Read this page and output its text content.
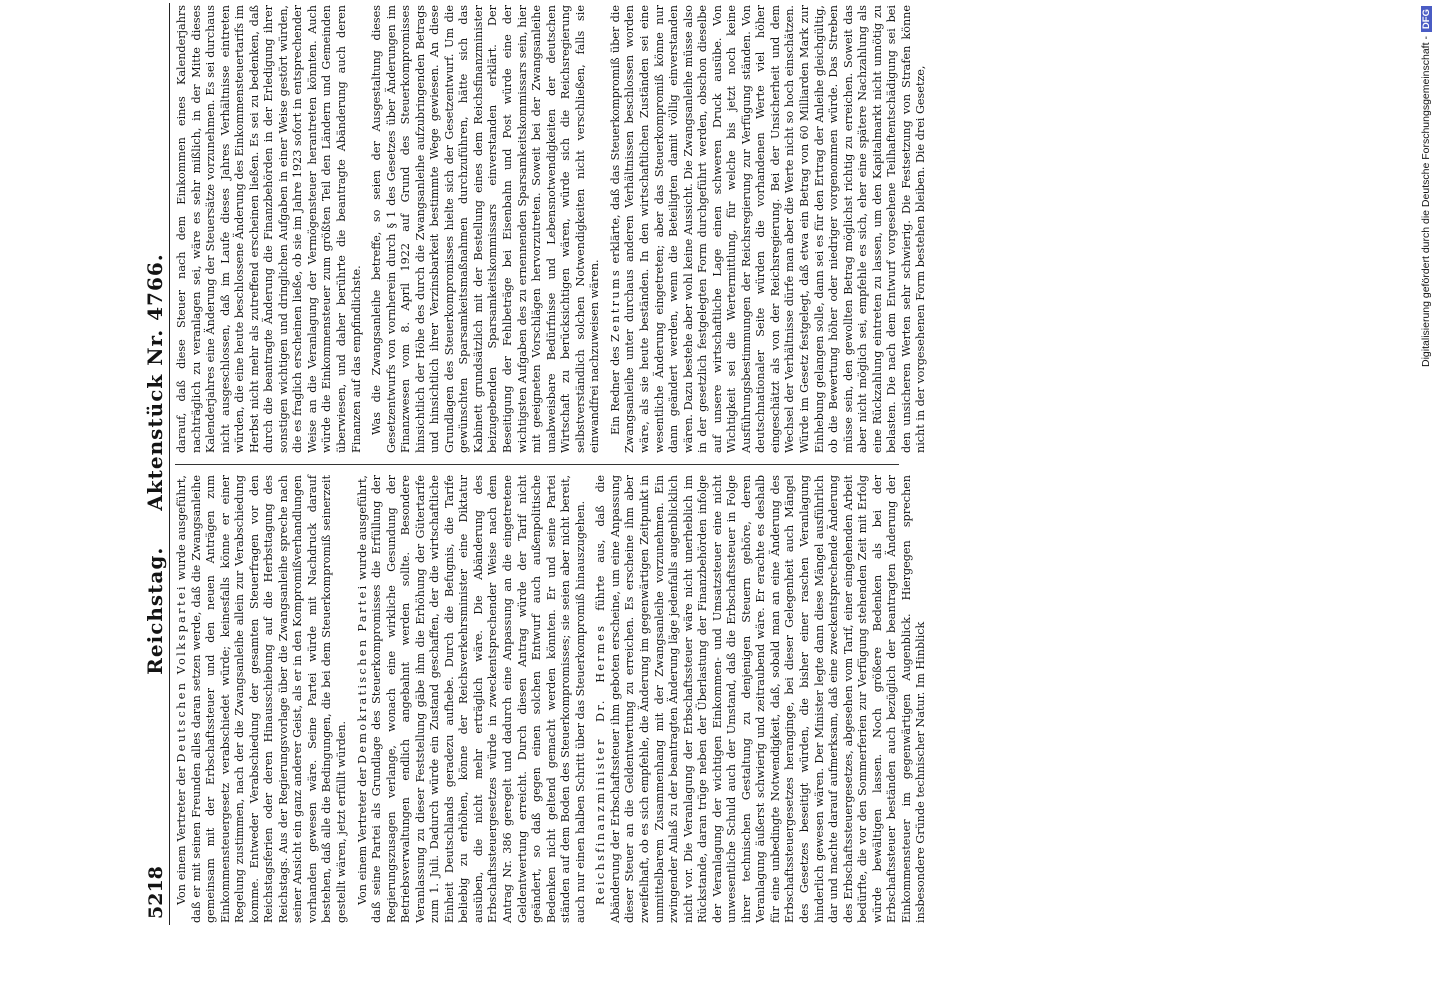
5218
Reichstag. Aktenstück Nr. 4766.

Von einem Vertreter der Deutschen Volkspartei wurde ausgeführt, daß er mit seinen Freunden alles daran setzen werde, daß die Zwangsanleihe gemeinsam mit der Erbschaftssteuer und den neuen Anträgen zum Einkommensteuergesetz verabschiedet würde; keinesfalls könne er einer Regelung zustimmen, nach der die Zwangsanleihe allein zur Verabschiedung komme. Entweder Verabschiedung der gesamten Steuerfragen vor den Reichstagsferien oder deren Hinausschiebung auf die Herbsttagung des Reichstags. Aus der Regierungsvorlage über die Zwangsanleihe spreche nach seiner Ansicht ein ganz anderer Geist, als er in den Kompromißverhandlungen vorhanden gewesen wäre. Seine Partei würde mit Nachdruck darauf bestehen, daß alle die Bedingungen, die bei dem Steuerkompromiß seinerzeit gestellt wären, jetzt erfüllt würden. Von einem Vertreter der Demokratischen Partei wurde ausgeführt, daß seine Partei als Grundlage des Steuerkompromisses die Erfüllung der Regierungszusagen verlange, wonach eine wirkliche Gesundung der Betriebsverwaltungen endlich angebahnt werden sollte. Besondere Veranlassung zu dieser Feststellung gäbe ihm die Erhöhung der Gütertarife zum 1. Juli. Dadurch würde ein Zustand geschaffen, der die wirtschaftliche Einheit Deutschlands geradezu aufhebe. Durch die Befugnis, die Tarife beliebig zu erhöhen, könne der Reichsverkehrsminister eine Diktatur ausüben, die nicht mehr erträglich wäre. Die Abänderung des Erbschaftssteuergesetzes würde in zweckentsprechender Weise nach dem Antrag Nr. 386 geregelt und dadurch eine Anpassung an die eingetretene Geldentwertung erreicht. Durch diesen Antrag würde der Tarif nicht geändert, so daß gegen einen solchen Entwurf auch außenpolitische Bedenken nicht geltend gemacht werden könnten. Er und seine Partei ständen auf dem Boden des Steuerkompromisses; sie seien aber nicht bereit, auch nur einen halben Schritt über das Steuerkompromiß hinauszugehen. Reichsfinanzminister Dr. Hermes führte aus, daß die Abänderung der Erbschaftssteuer ihm geboten erscheine, um eine Anpassung dieser Steuer an die Geldentwertung zu erreichen. Es erscheine ihm aber zweifelhaft, ob es sich empfehle, die Änderung im gegenwärtigen Zeitpunkt in unmittelbarem Zusammenhang mit der Zwangsanleihe vorzunehmen. Ein zwingender Anlaß zu der beantragten Änderung läge jedenfalls augenblicklich nicht vor. Die Veranlagung der Erbschaftssteuer wäre nicht unerheblich im Rückstande, daran trüge neben der Überlastung der Finanzbehörden infolge der Veranlagung der wichtigen Einkommen- und Umsatzsteuer eine nicht unwesentliche Schuld auch der Umstand, daß die Erbschaftssteuer in Folge ihrer technischen Gestaltung zu denjenigen Steuern gehöre, deren Veranlagung äußerst schwierig und zeitraubend wäre. Er erachte es deshalb für eine unbedingte Notwendigkeit, daß, sobald man an eine Änderung des Erbschaftssteuergesetzes heranginge, bei dieser Gelegenheit auch Mängel des Gesetzes beseitigt würden, die bisher einer raschen Veranlagung hinderlich gewesen wären. Der Minister legte dann diese Mängel ausführlich dar und machte darauf aufmerksam, daß eine zweckentsprechende Änderung des Erbschaftssteuergesetzes, abgesehen vom Tarif, einer eingehenden Arbeit bedürfte, die vor den Sommerferien zur Verfügung stehenden Zeit mit Erfolg würde bewältigen lassen. Noch größere Bedenken als bei der Erbschaftssteuer beständen auch bezüglich der beantragten Änderung der Einkommensteuer im gegenwärtigen Augenblick. Hiergegen sprechen insbesondere Gründe technischer Natur. Im Hinblick

darauf, daß diese Steuer nach dem Einkommen eines Kalenderjahrs nachträglich zu veranlagen sei, wäre es sehr mißlich, in der Mitte dieses Kalenderjahres eine Änderung der Steuersätze vorzunehmen. Es sei durchaus nicht ausgeschlossen, daß im Laufe dieses Jahres Verhältnisse eintreten würden, die eine heute beschlossene Änderung des Einkommensteuertarifs im Herbst nicht mehr als zutreffend erscheinen ließen. Es sei zu bedenken, daß durch die beantragte Änderung die Finanzbehörden in der Erledigung ihrer sonstigen wichtigen und dringlichen Aufgaben in einer Weise gestört würden, die es fraglich erscheinen ließe, ob sie im Jahre 1923 sofort in entsprechender Weise an die Veranlagung der Vermögensteuer herantreten könnten. Auch würde die Einkommensteuer zum größten Teil den Ländern und Gemeinden überwiesen, und daher berührte die beantragte Abänderung auch deren Finanzen auf das empfindlichste. Was die Zwangsanleihe betreffe, so seien der Ausgestaltung dieses Gesetzentwurfs von vornherein durch § 1 des Gesetzes über Änderungen im Finanzwesen vom 8. April 1922 auf Grund des Steuerkompromisses hinsichtlich der Höhe des durch die Zwangsanleihe aufzubringenden Betrags und hinsichtlich ihrer Verzinsbarkeit bestimmte Wege gewiesen. An diese Grundlagen des Steuerkompromisses hielte sich der Gesetzentwurf. Um die gewünschten Sparsamkeitsmaßnahmen durchzuführen, hätte sich das Kabinett grundsätzlich mit der Bestellung eines dem Reichsfinanzminister beizugebenden Sparsamkeitskommissars einverstanden erklärt. Der Beseitigung der Fehlbeträge bei Eisenbahn und Post würde eine der wichtigsten Aufgaben des zu ernennenden Sparsamkeitskommissars sein, hier mit geeigneten Vorschlägen hervorzutreten. Soweit bei der Zwangsanleihe unabweisbare Bedürfnisse und Lebensnotwendigkeiten der deutschen Wirtschaft zu berücksichtigen wären, würde sich die Reichsregierung selbstverständlich solchen Notwendigkeiten nicht verschließen, falls sie einwandfrei nachzuweisen wären. Ein Redner des Zentrums erklärte, daß das Steuerkompromiß über die Zwangsanleihe unter durchaus anderen Verhältnissen beschlossen worden wäre, als sie heute beständen. In den wirtschaftlichen Zuständen sei eine wesentliche Änderung eingetreten; aber das Steuerkompromiß könne nur dann geändert werden, wenn die Beteiligten damit völlig einverstanden wären. Dazu bestehe aber wohl keine Aussicht. Die Zwangsanleihe müsse also in der gesetzlich festgelegten Form durchgeführt werden, obschon dieselbe auf unsere wirtschaftliche Lage einen schweren Druck ausübe. Von Wichtigkeit sei die Wertermittlung, für welche bis jetzt noch keine Ausführungsbestimmungen der Reichsregierung zur Verfügung ständen. Von deutschnationaler Seite würden die vorhandenen Werte viel höher eingeschätzt als von der Reichsregierung. Bei der Unsicherheit und dem Wechsel der Verhältnisse dürfe man aber die Werte nicht so hoch einschätzen. Würde im Gesetz festgelegt, daß etwa ein Betrag von 60 Milliarden Mark zur Einhebung gelangen solle, dann sei es für den Ertrag der Anleihe gleichgültig, ob die Bewertung höher oder niedriger vorgenommen würde. Das Streben müsse sein, den gewollten Betrag möglichst richtig zu erreichen. Soweit das aber nicht möglich sei, empfehle es sich, eher eine spätere Nachzahlung als eine Rückzahlung eintreten zu lassen, um den Kapitalmarkt nicht unnötig zu belasten. Die nach dem Entwurf vorgesehene Teilhaftentschädigung sei bei den unsicheren Werten sehr schwierig. Die Festsetzung von Strafen könne nicht in der vorgesehenen Form bestehen bleiben. Die drei Gesetze,	Digitalisierung gefördert durch die Deutsche Forschungsgemeinschaft -DFG
